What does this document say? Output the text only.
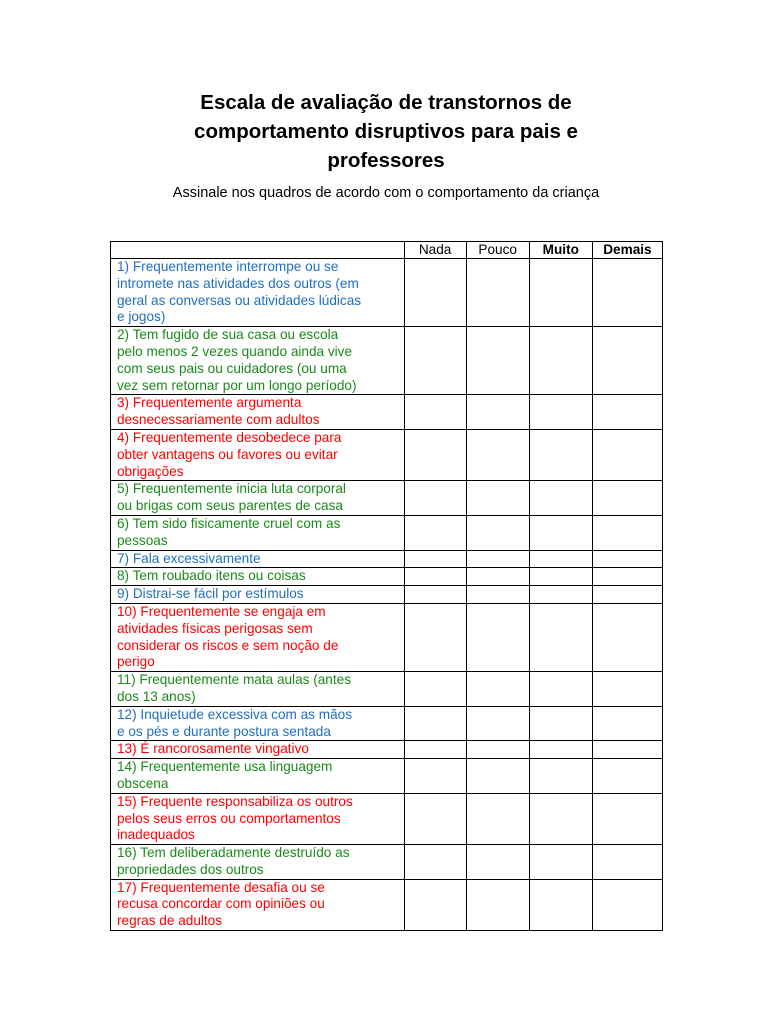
Escala de avaliação de transtornos de
comportamento disruptivos para pais e
professores

Assinale nos quadros de acordo com o comportamento da criança

	Nada	Pouco	Muito	Demais

1) Frequentemente interrompe ou se
intromete nas atividades dos outros (em
geral as conversas ou atividades lúdicas
e jogos)				

2) Tem fugido de sua casa ou escola
pelo menos 2 vezes quando ainda vive
com seus pais ou cuidadores (ou uma
vez sem retornar por um longo período)				

3) Frequentemente argumenta
desnecessariamente com adultos				

4) Frequentemente desobedece para
obter vantagens ou favores ou evitar
obrigações				

5) Frequentemente inicia luta corporal
ou brigas com seus parentes de casa				

6) Tem sido fisicamente cruel com as
pessoas				

7) Fala excessivamente				

8) Tem roubado itens ou coisas				

9) Distrai-se fácil por estímulos				

10) Frequentemente se engaja em
atividades físicas perigosas sem
considerar os riscos e sem noção de
perigo				

11) Frequentemente mata aulas (antes
dos 13 anos)				

12) Inquietude excessiva com as mãos
e os pés e durante postura sentada				

13) É rancorosamente vingativo				

14) Frequentemente usa linguagem
obscena				

15) Frequente responsabiliza os outros
pelos seus erros ou comportamentos
inadequados				

16) Tem deliberadamente destruído as
propriedades dos outros				

17) Frequentemente desafia ou se
recusa concordar com opiniões ou
regras de adultos				
